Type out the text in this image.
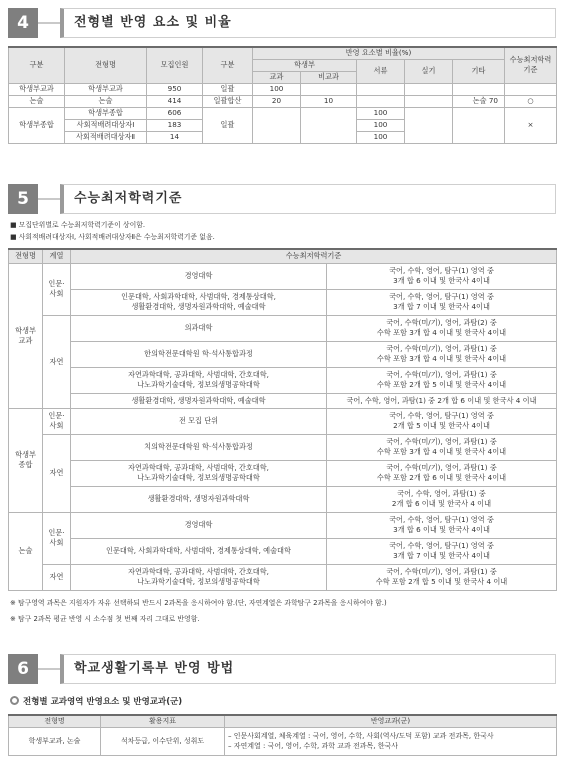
4	전형별 반영 요소 및 비율
구분	전형명	모집인원	구분	반영 요소별 비율(%)					수능최저학력기준
				학생부		서류	실기	기타	
				교과	비교과				
학생부교과	학생부교과	950	일괄	100					
논술	논술	414	일괄합산	20	10			논술 70	○
학생부종합	학생부종합	606	일괄			100			×
	사회적배려대상자Ⅰ	183				100			
	사회적배려대상자Ⅱ	14				100			
5	수능최저학력기준
■ 모집단위별로 수능최저학력기준이 상이함.
■ 사회적배려대상자Ⅰ, 사회적배려대상자Ⅱ은 수능최저학력기준 없음.
전형명	계열	수능최저학력기준	
학생부
교과	인문·
사회	경영대학	국어, 수학, 영어, 탐구(1) 영역 중
3개 합 6 이내 및 한국사 4이내
		인문대학, 사회과학대학, 사범대학, 경제통상대학,
생활환경대학, 생명자원과학대학, 예술대학	국어, 수학, 영어, 탐구(1) 영역 중
3개 합 7 이내 및 한국사 4이내
	자연	의과대학	국어, 수학(미/기), 영어, 과탐(2) 중
수학 포함 3개 합 4 이내 및 한국사 4이내
		한의학전문대학원 학·석사통합과정	국어, 수학(미/기), 영어, 과탐(1) 중
수학 포함 3개 합 4 이내 및 한국사 4이내
		자연과학대학, 공과대학, 사범대학, 간호대학,
나노과학기술대학, 정보의생명공학대학	국어, 수학(미/기), 영어, 과탐(1) 중
수학 포함 2개 합 5 이내 및 한국사 4이내
		생활환경대학, 생명자원과학대학, 예술대학	국어, 수학, 영어, 과탐(1) 중 2개 합 6 이내 및 한국사 4 이내
학생부
종합	인문·
사회	전 모집 단위	국어, 수학, 영어, 탐구(1) 영역 중
2개 합 5 이내 및 한국사 4이내
	자연	치의학전문대학원 학·석사통합과정	국어, 수학(미/기), 영어, 과탐(1) 중
수학 포함 3개 합 4 이내 및 한국사 4이내
		자연과학대학, 공과대학, 사범대학, 간호대학,
나노과학기술대학, 정보의생명공학대학	국어, 수학(미/기), 영어, 과탐(1) 중
수학 포함 2개 합 6 이내 및 한국사 4이내
		생활환경대학, 생명자원과학대학	국어, 수학, 영어, 과탐(1) 중
2개 합 6 이내 및 한국사 4 이내
논술	인문·
사회	경영대학	국어, 수학, 영어, 탐구(1) 영역 중
3개 합 6 이내 및 한국사 4이내
		인문대학, 사회과학대학, 사범대학, 경제통상대학, 예술대학	국어, 수학, 영어, 탐구(1) 영역 중
3개 합 7 이내 및 한국사 4이내
	자연	자연과학대학, 공과대학, 사범대학, 간호대학,
나노과학기술대학, 정보의생명공학대학	국어, 수학(미/기), 영어, 과탐(1) 중
수학 포함 2개 합 5 이내 및 한국사 4 이내
※ 탐구영역 과목은 지원자가 자유 선택하되 반드시 2과목을 응시하여야 함.(단, 자연계열은 과학탐구 2과목을 응시하여야 함.)
※ 탐구 2과목 평균 반영 시 소수점 첫 번째 자리 그대로 반영함.
6	학교생활기록부 반영 방법
전형별 교과영역 반영요소 및 반영교과(군)
전형명	활용지표	반영교과(군)
학생부교과, 논술	석차등급, 이수단위, 성취도	– 인문사회계열, 체육계열 : 국어, 영어, 수학, 사회(역사/도덕 포함) 교과 전과목, 한국사
– 자연계열 : 국어, 영어, 수학, 과학 교과 전과목, 한국사
